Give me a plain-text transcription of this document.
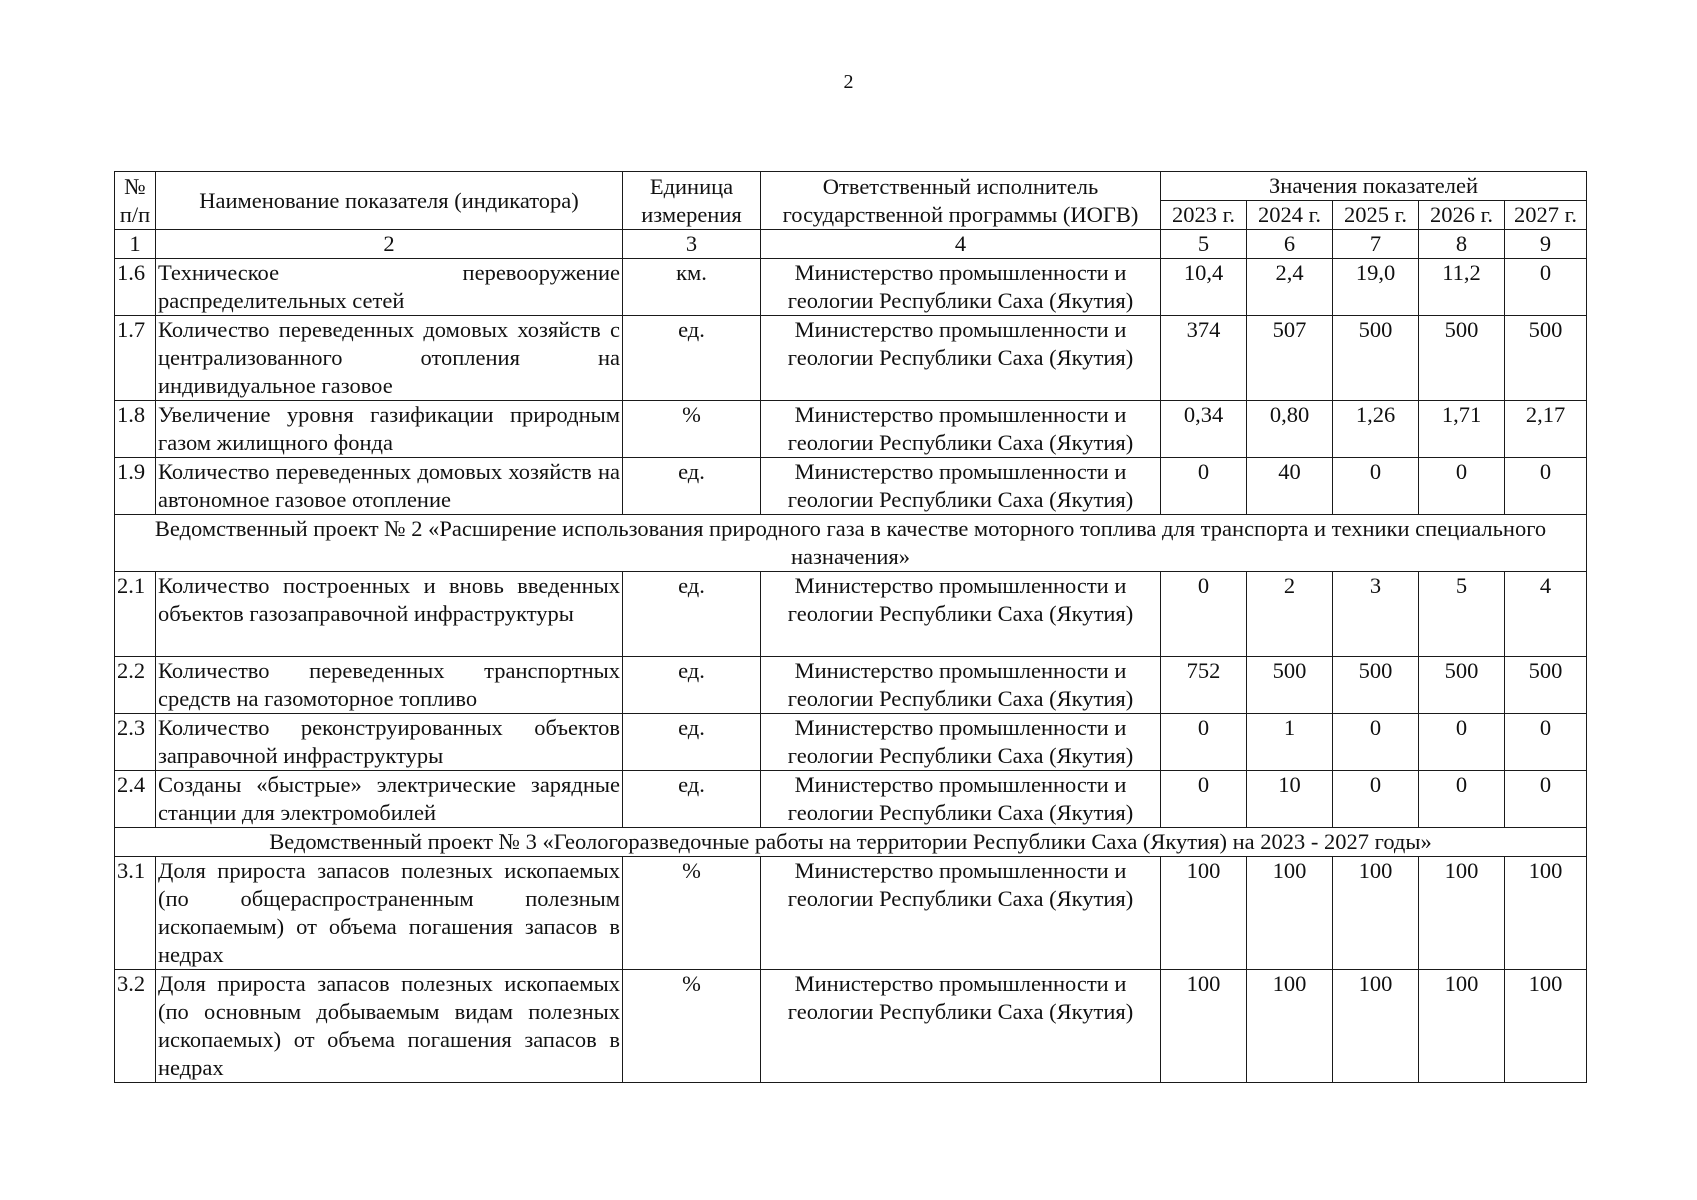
2
№ п/п	Наименование показателя (индикатора)	Единица измерения	Ответственный исполнитель государственной программы (ИОГВ)	Значения показателей				
				2023 г.	2024 г.	2025 г.	2026 г.	2027 г.
1	2	3	4	5	6	7	8	9
1.6	Техническое перевооружение распределительных сетей	км.	Министерство промышленности и геологии Республики Саха (Якутия)	10,4	2,4	19,0	11,2	0
1.7	Количество переведенных домовых хозяйств с централизованного отопления на индивидуальное газовое	ед.	Министерство промышленности и геологии Республики Саха (Якутия)	374	507	500	500	500
1.8	Увеличение уровня газификации природным газом жилищного фонда	%	Министерство промышленности и геологии Республики Саха (Якутия)	0,34	0,80	1,26	1,71	2,17
1.9	Количество переведенных домовых хозяйств на автономное газовое отопление	ед.	Министерство промышленности и геологии Республики Саха (Якутия)	0	40	0	0	0
Ведомственный проект № 2 «Расширение использования природного газа в качестве моторного топлива для транспорта и техники специального назначения»								
2.1	Количество построенных и вновь введенных объектов газозаправочной инфраструктуры	ед.	Министерство промышленности и геологии Республики Саха (Якутия)	0	2	3	5	4
2.2	Количество переведенных транспортных средств на газомоторное топливо	ед.	Министерство промышленности и геологии Республики Саха (Якутия)	752	500	500	500	500
2.3	Количество реконструированных объектов заправочной инфраструктуры	ед.	Министерство промышленности и геологии Республики Саха (Якутия)	0	1	0	0	0
2.4	Созданы «быстрые» электрические зарядные станции для электромобилей	ед.	Министерство промышленности и геологии Республики Саха (Якутия)	0	10	0	0	0
Ведомственный проект № 3 «Геологоразведочные работы на территории Республики Саха (Якутия) на 2023 - 2027 годы»								
3.1	Доля прироста запасов полезных ископаемых (по общераспространенным полезным ископаемым) от объема погашения запасов в недрах	%	Министерство промышленности и геологии Республики Саха (Якутия)	100	100	100	100	100
3.2	Доля прироста запасов полезных ископаемых (по основным добываемым видам полезных ископаемых) от объема погашения запасов в недрах	%	Министерство промышленности и геологии Республики Саха (Якутия)	100	100	100	100	100
